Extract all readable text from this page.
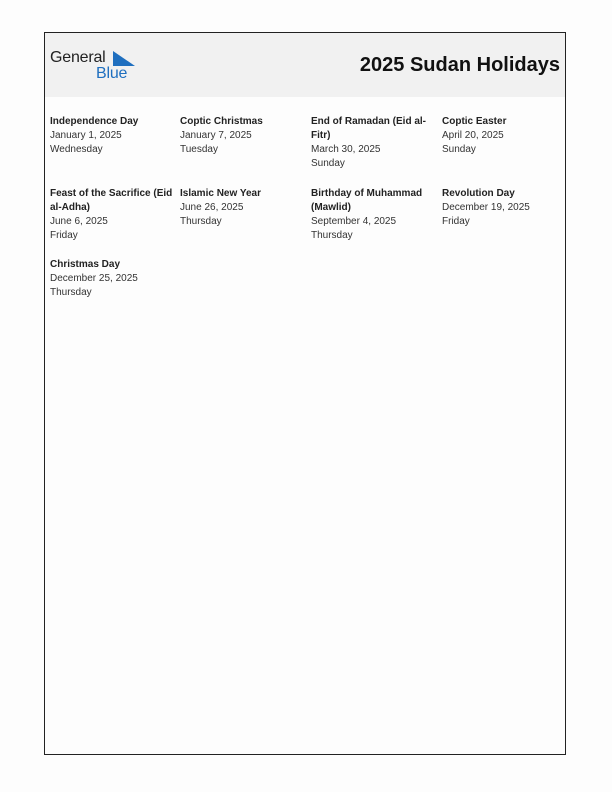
General
Blue	2025 Sudan Holidays
Independence Day
January 1, 2025
Wednesday
Coptic Christmas
January 7, 2025
Tuesday
End of Ramadan (Eid al-Fitr)
March 30, 2025
Sunday
Coptic Easter
April 20, 2025
Sunday
Feast of the Sacrifice (Eid al-Adha)
June 6, 2025
Friday
Islamic New Year
June 26, 2025
Thursday
Birthday of Muhammad (Mawlid)
September 4, 2025
Thursday
Revolution Day
December 19, 2025
Friday
Christmas Day
December 25, 2025
Thursday
